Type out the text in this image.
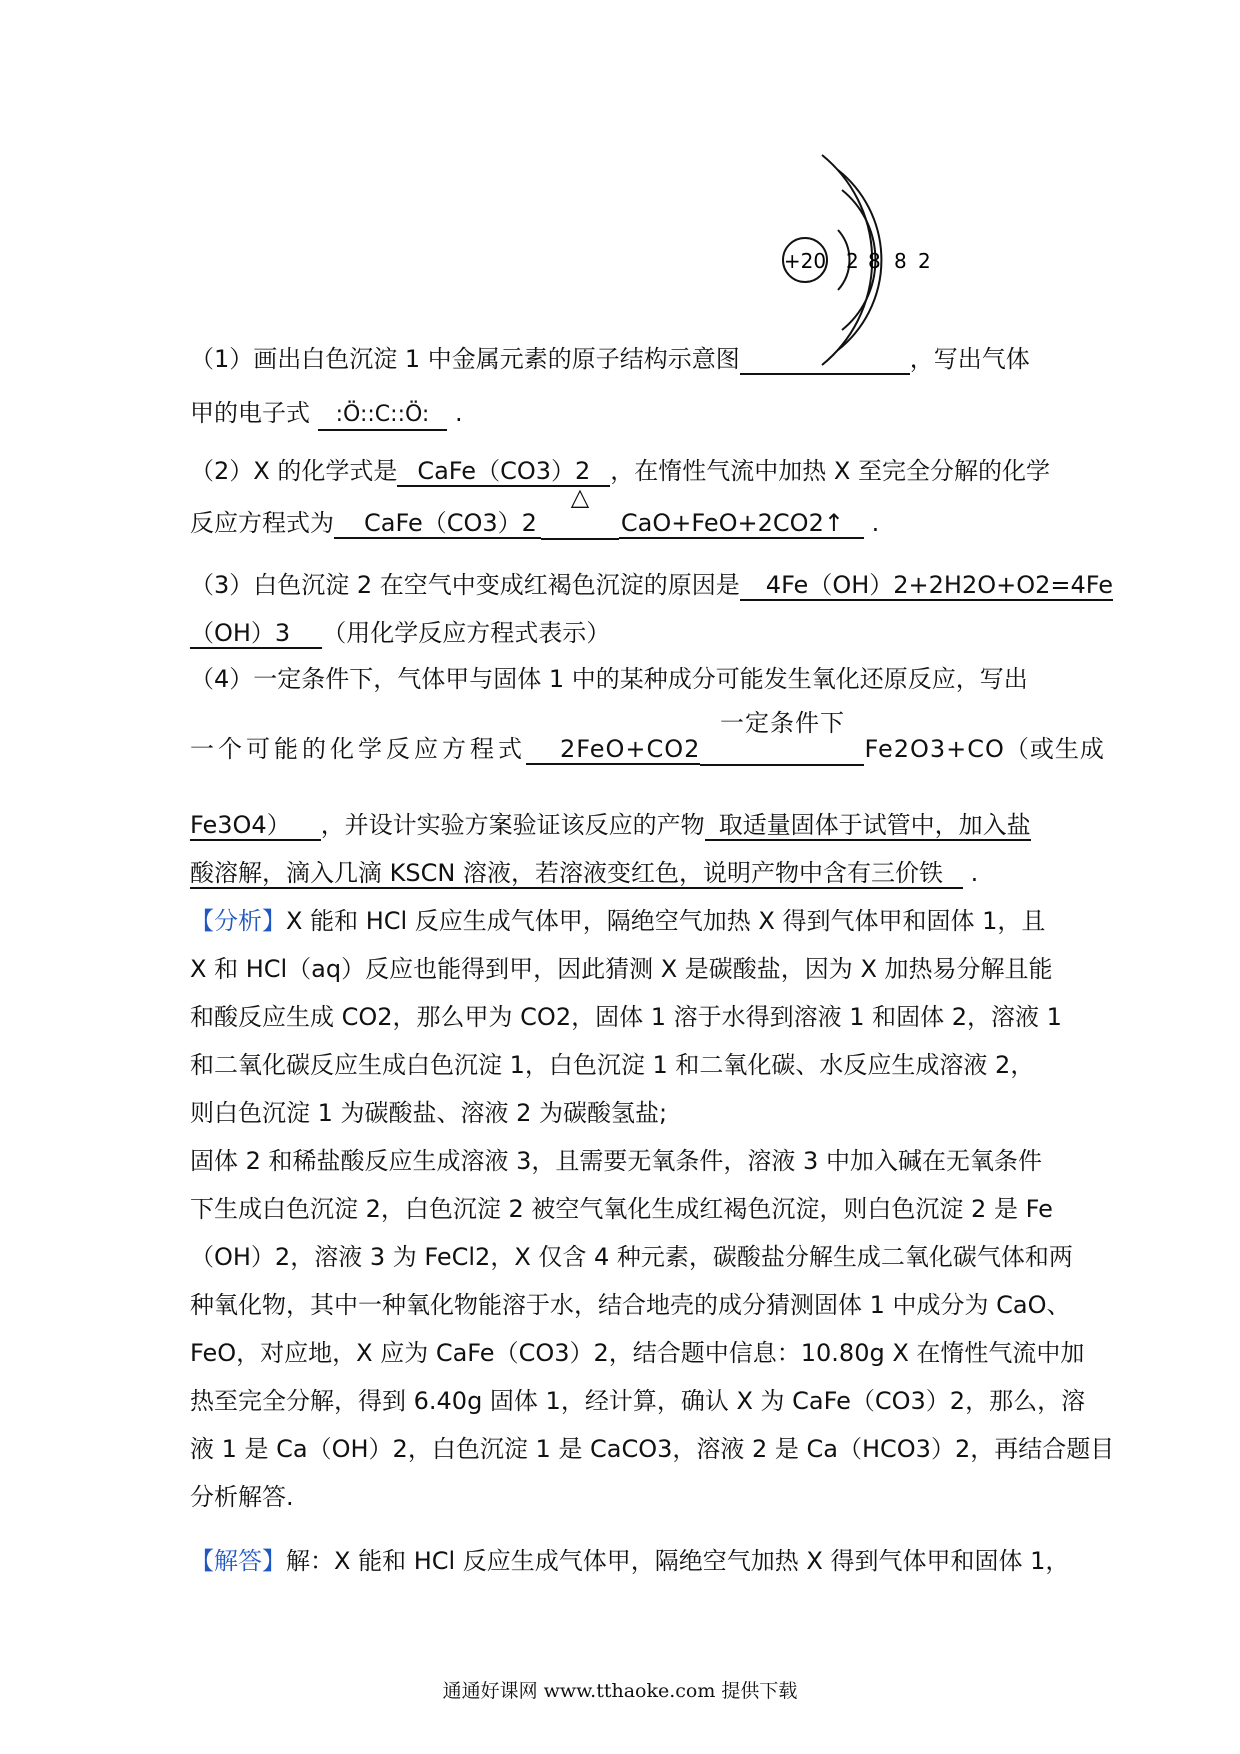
+20 2 8 8 2
（1）画出白色沉淀 1 中金属元素的原子结构示意图	，写出气体
甲的电子式 :Ö::C::Ö: .
（2）X 的化学式是 CaFe（CO3）2 ，在惰性气流中加热 X 至完全分解的化学
反应方程式为 CaFe（CO3）2
△
CaO+FeO+2CO2↑ .
（3）白色沉淀 2 在空气中变成红褐色沉淀的原因是 4Fe（OH）2+2H2O+O2=4Fe
（OH）3 （用化学反应方程式表示）
（4）一定条件下，气体甲与固体 1 中的某种成分可能发生氧化还原反应，写出
一个可能的化学反应方程式 2FeO+CO2
一定条件下
Fe2O3+CO（或生成
Fe3O4） ，并设计实验方案验证该反应的产物 取适量固体于试管中，加入盐
酸溶解，滴入几滴 KSCN 溶液，若溶液变红色，说明产物中含有三价铁 .
【分析】X 能和 HCl 反应生成气体甲，隔绝空气加热 X 得到气体甲和固体 1，且
X 和 HCl（aq）反应也能得到甲，因此猜测 X 是碳酸盐，因为 X 加热易分解且能
和酸反应生成 CO2，那么甲为 CO2，固体 1 溶于水得到溶液 1 和固体 2，溶液 1
和二氧化碳反应生成白色沉淀 1，白色沉淀 1 和二氧化碳、水反应生成溶液 2，
则白色沉淀 1 为碳酸盐、溶液 2 为碳酸氢盐;
固体 2 和稀盐酸反应生成溶液 3，且需要无氧条件，溶液 3 中加入碱在无氧条件
下生成白色沉淀 2，白色沉淀 2 被空气氧化生成红褐色沉淀，则白色沉淀 2 是 Fe
（OH）2，溶液 3 为 FeCl2，X 仅含 4 种元素，碳酸盐分解生成二氧化碳气体和两
种氧化物，其中一种氧化物能溶于水，结合地壳的成分猜测固体 1 中成分为 CaO、
FeO，对应地，X 应为 CaFe（CO3）2，结合题中信息：10.80g X 在惰性气流中加
热至完全分解，得到 6.40g 固体 1，经计算，确认 X 为 CaFe（CO3）2，那么，溶
液 1 是 Ca（OH）2，白色沉淀 1 是 CaCO3，溶液 2 是 Ca（HCO3）2，再结合题目
分析解答.
【解答】解：X 能和 HCl 反应生成气体甲，隔绝空气加热 X 得到气体甲和固体 1，
通通好课网 www.tthaoke.com 提供下载
